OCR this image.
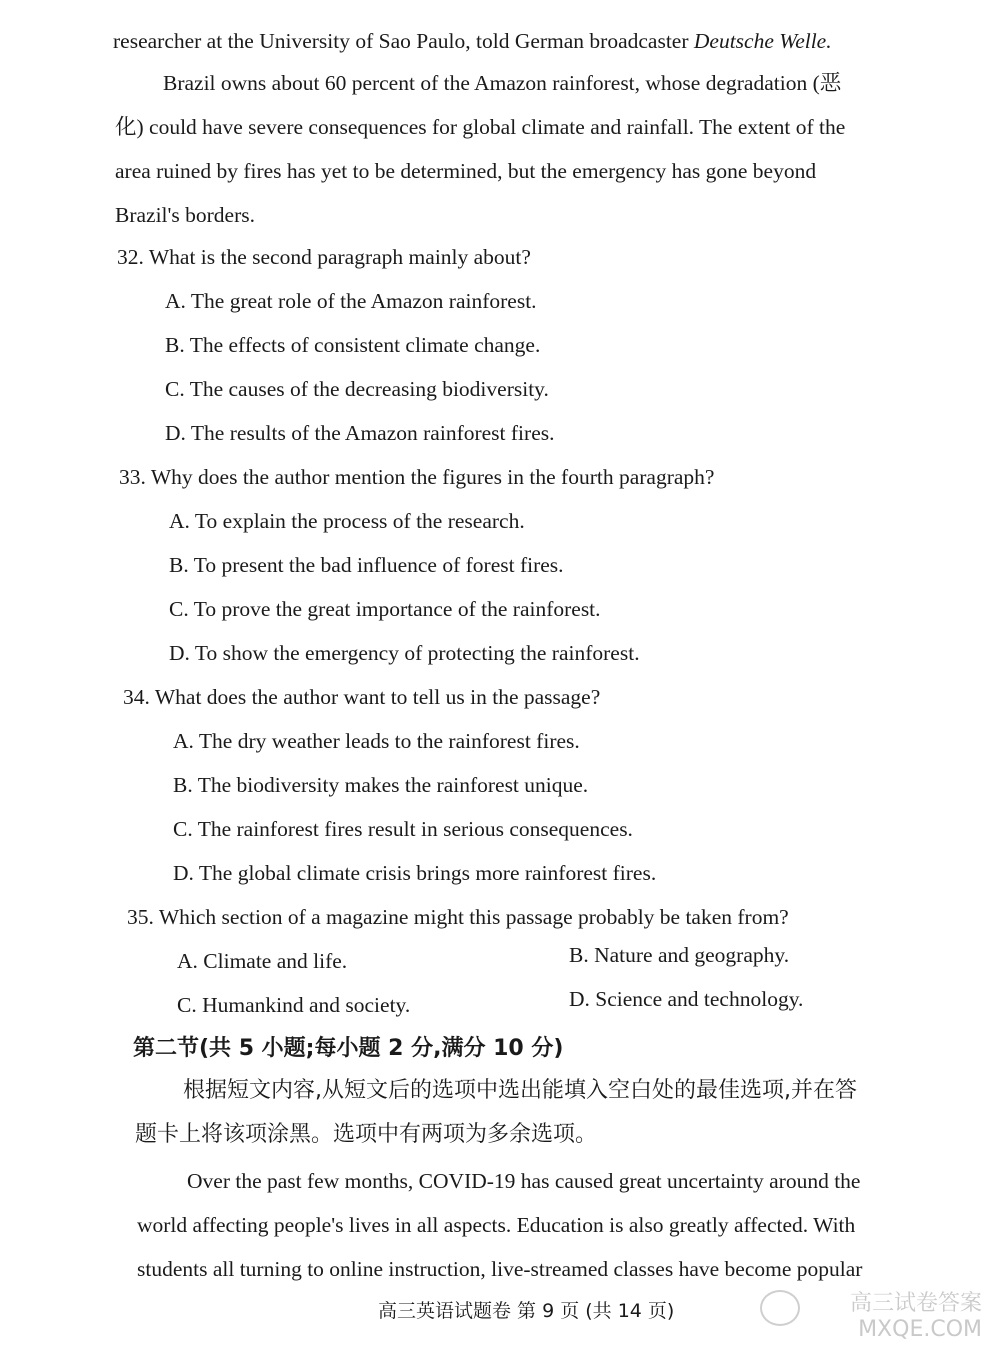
researcher at the University of Sao Paulo, told German broadcaster Deutsche Welle.
Brazil owns about 60 percent of the Amazon rainforest, whose degradation (恶
化) could have severe consequences for global climate and rainfall. The extent of the
area ruined by fires has yet to be determined, but the emergency has gone beyond
Brazil's borders.
32. What is the second paragraph mainly about?
A. The great role of the Amazon rainforest.
B. The effects of consistent climate change.
C. The causes of the decreasing biodiversity.
D. The results of the Amazon rainforest fires.
33. Why does the author mention the figures in the fourth paragraph?
A. To explain the process of the research.
B. To present the bad influence of forest fires.
C. To prove the great importance of the rainforest.
D. To show the emergency of protecting the rainforest.
34. What does the author want to tell us in the passage?
A. The dry weather leads to the rainforest fires.
B. The biodiversity makes the rainforest unique.
C. The rainforest fires result in serious consequences.
D. The global climate crisis brings more rainforest fires.
35. Which section of a magazine might this passage probably be taken from?
A. Climate and life.	B. Nature and geography.
C. Humankind and society.	D. Science and technology.
第二节(共 5 小题;每小题 2 分,满分 10 分)
根据短文内容,从短文后的选项中选出能填入空白处的最佳选项,并在答
题卡上将该项涂黑。选项中有两项为多余选项。
Over the past few months, COVID-19 has caused great uncertainty around the
world affecting people's lives in all aspects. Education is also greatly affected. With
students all turning to online instruction, live-streamed classes have become popular
高三英语试题卷 第 9 页 (共 14 页)	高三试卷答案
MXQE.COM
